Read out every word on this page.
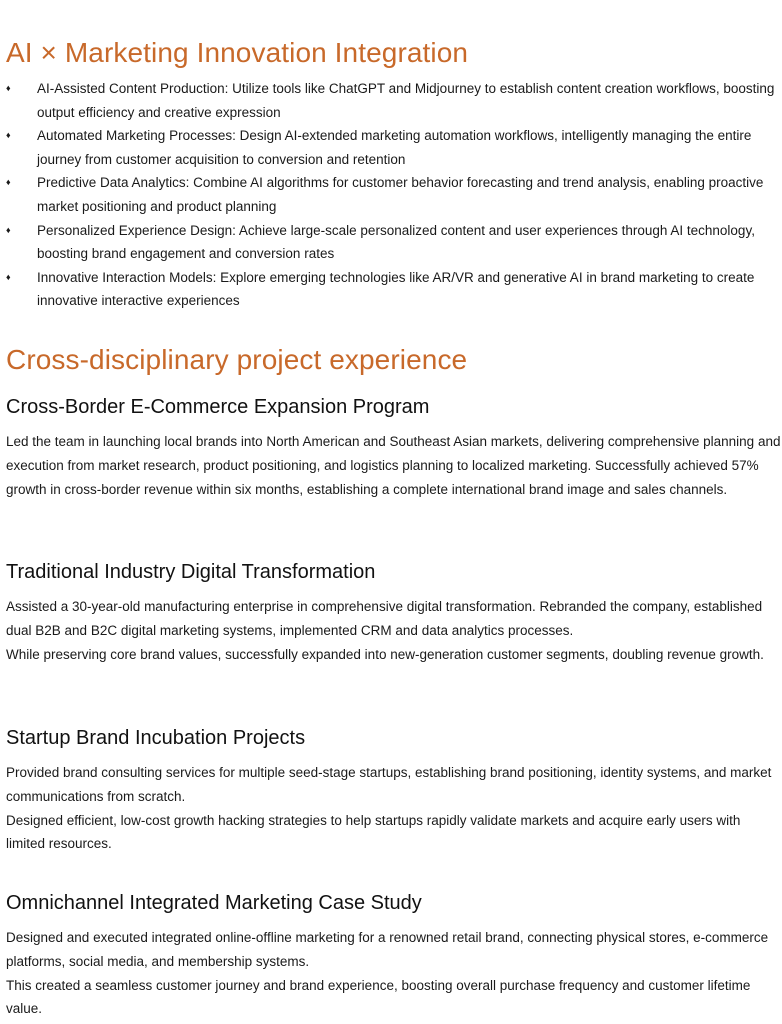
AI × Marketing Innovation Integration
♦ AI-Assisted Content Production: Utilize tools like ChatGPT and Midjourney to establish content creation workflows, boosting output efficiency and creative expression
♦ Automated Marketing Processes: Design AI-extended marketing automation workflows, intelligently managing the entire journey from customer acquisition to conversion and retention
♦ Predictive Data Analytics: Combine AI algorithms for customer behavior forecasting and trend analysis, enabling proactive market positioning and product planning
♦ Personalized Experience Design: Achieve large-scale personalized content and user experiences through AI technology, boosting brand engagement and conversion rates
♦ Innovative Interaction Models: Explore emerging technologies like AR/VR and generative AI in brand marketing to create innovative interactive experiences
Cross-disciplinary project experience
Cross-Border E-Commerce Expansion Program

Led the team in launching local brands into North American and Southeast Asian markets, delivering comprehensive planning and execution from market research, product positioning, and logistics planning to localized marketing. Successfully achieved 57% growth in cross-border revenue within six months, establishing a complete international brand image and sales channels.

Traditional Industry Digital Transformation

Assisted a 30-year-old manufacturing enterprise in comprehensive digital transformation. Rebranded the company, established dual B2B and B2C digital marketing systems, implemented CRM and data analytics processes.

While preserving core brand values, successfully expanded into new-generation customer segments, doubling revenue growth.

Startup Brand Incubation Projects

Provided brand consulting services for multiple seed-stage startups, establishing brand positioning, identity systems, and market communications from scratch.

Designed efficient, low-cost growth hacking strategies to help startups rapidly validate markets and acquire early users with limited resources.

Omnichannel Integrated Marketing Case Study

Designed and executed integrated online-offline marketing for a renowned retail brand, connecting physical stores, e-commerce platforms, social media, and membership systems.

This created a seamless customer journey and brand experience, boosting overall purchase frequency and customer lifetime value.
